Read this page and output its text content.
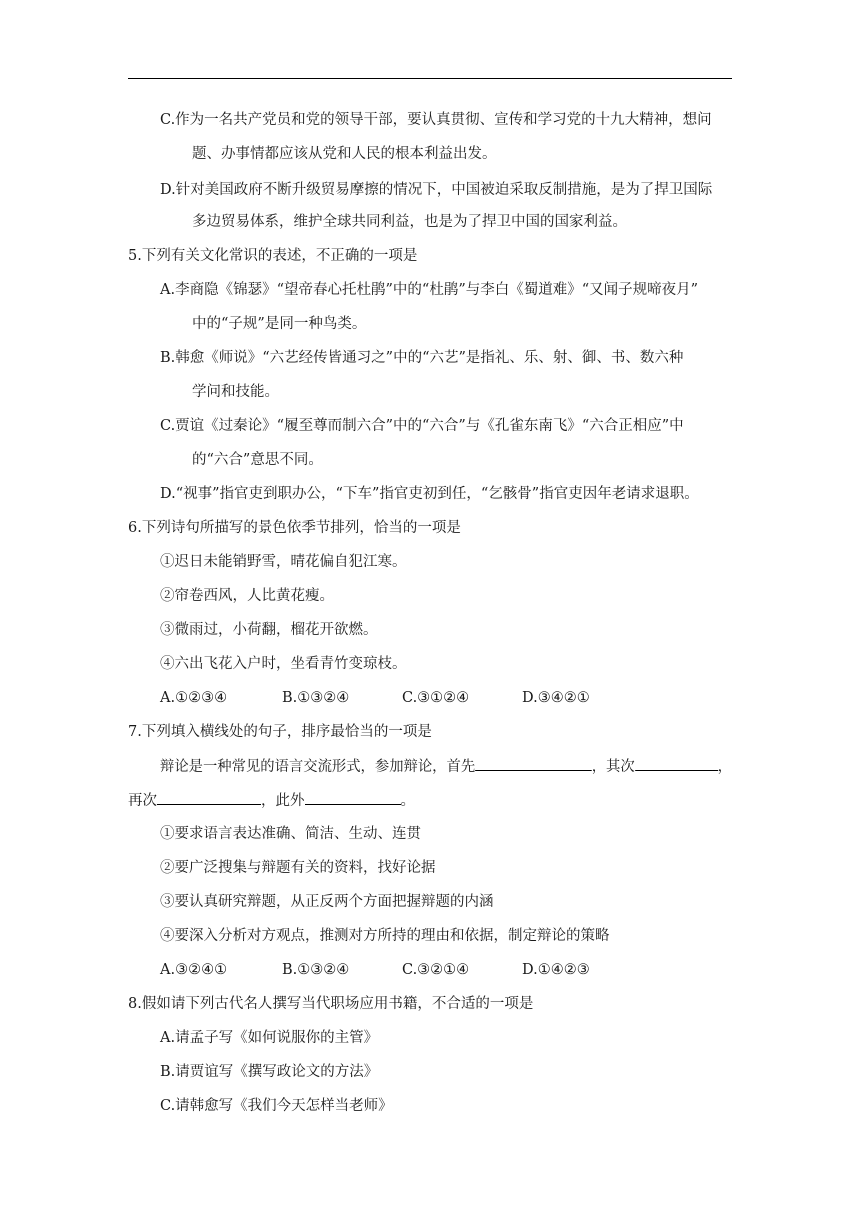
C.作为一名共产党员和党的领导干部，要认真贯彻、宣传和学习党的十九大精神，想问
题、办事情都应该从党和人民的根本利益出发。
D.针对美国政府不断升级贸易摩擦的情况下，中国被迫采取反制措施，是为了捍卫国际
多边贸易体系，维护全球共同利益，也是为了捍卫中国的国家利益。
5.下列有关文化常识的表述，不正确的一项是
A.李商隐《锦瑟》“望帝春心托杜鹃”中的“杜鹃”与李白《蜀道难》“又闻子规啼夜月”
中的“子规”是同一种鸟类。
B.韩愈《师说》“六艺经传皆通习之”中的“六艺”是指礼、乐、射、御、书、数六种
学问和技能。
C.贾谊《过秦论》“履至尊而制六合”中的“六合”与《孔雀东南飞》“六合正相应”中
的“六合”意思不同。
D.“视事”指官吏到职办公，“下车”指官吏初到任，“乞骸骨”指官吏因年老请求退职。
6.下列诗句所描写的景色依季节排列，恰当的一项是
①迟日未能销野雪，晴花偏自犯江寒。
②帘卷西风，人比黄花瘦。
③微雨过，小荷翻，榴花开欲燃。
④六出飞花入户时，坐看青竹变琼枝。
A.①②③④	B.①③②④	C.③①②④	D.③④②①
7.下列填入横线处的句子，排序最恰当的一项是
辩论是一种常见的语言交流形式，参加辩论，首先	，其次	，
再次	，此外	。
①要求语言表达准确、简洁、生动、连贯
②要广泛搜集与辩题有关的资料，找好论据
③要认真研究辩题，从正反两个方面把握辩题的内涵
④要深入分析对方观点，推测对方所持的理由和依据，制定辩论的策略
A.③②④①	B.①③②④	C.③②①④	D.①④②③
8.假如请下列古代名人撰写当代职场应用书籍，不合适的一项是
A.请孟子写《如何说服你的主管》
B.请贾谊写《撰写政论文的方法》
C.请韩愈写《我们今天怎样当老师》
